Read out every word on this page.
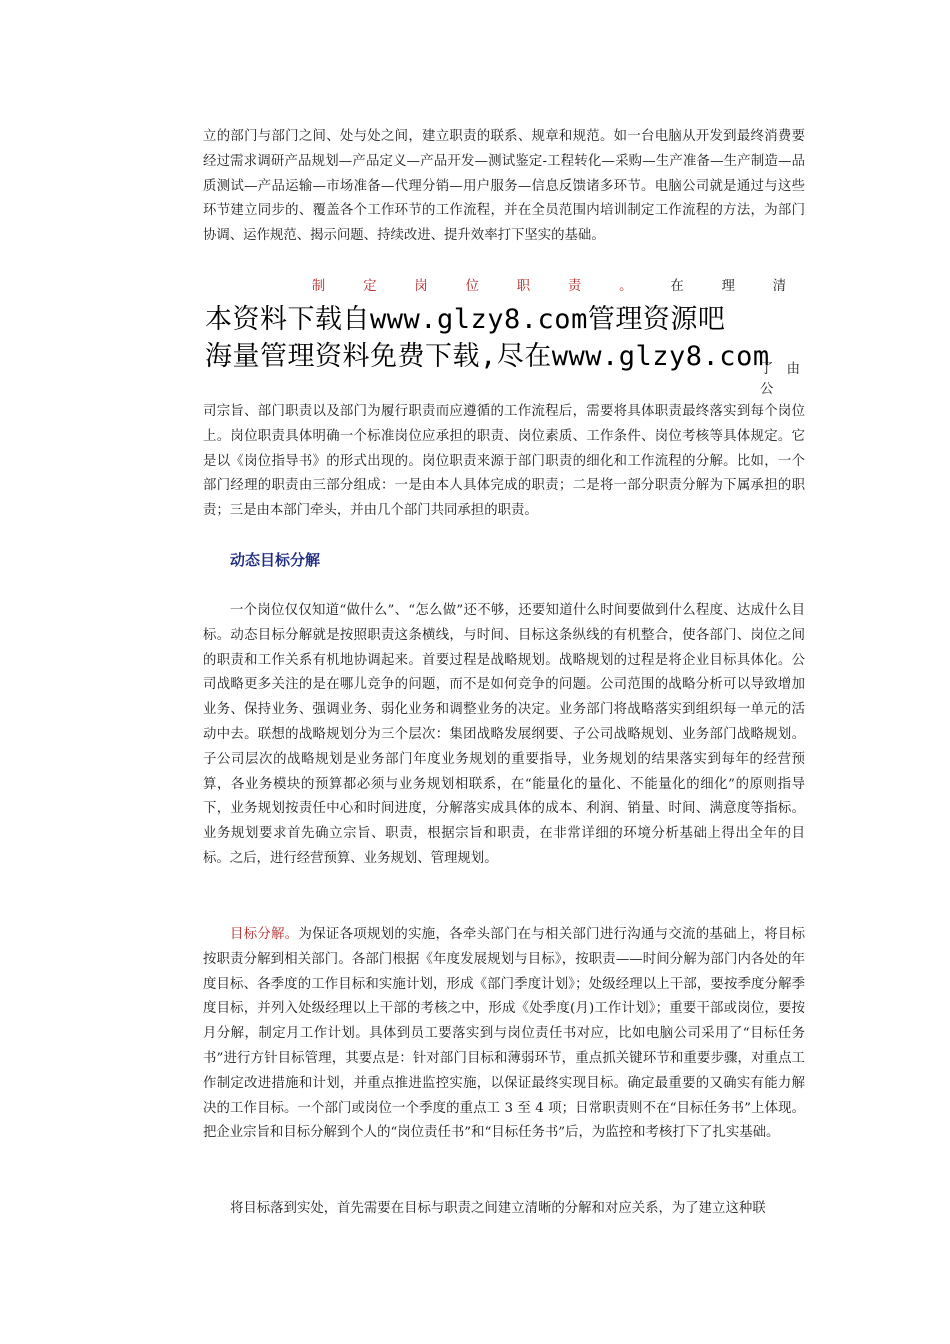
立的部门与部门之间、处与处之间，建立职责的联系、规章和规范。如一台电脑从开发到最终消费要经过需求调研产品规划—产品定义—产品开发—测试鉴定-工程转化—采购—生产准备—生产制造—品质测试—产品运输—市场准备—代理分销—用户服务—信息反馈诸多环节。电脑公司就是通过与这些环节建立同步的、覆盖各个工作环节的工作流程，并在全员范围内培训制定工作流程的方法，为部门协调、运作规范、揭示问题、持续改进、提升效率打下坚实的基础。

制	定	岗	位	职	责	。	在	理	清
本资料下载自www.glzy8.com管理资源吧
海量管理资料免费下载,尽在www.glzy8.com
了由公

司宗旨、部门职责以及部门为履行职责而应遵循的工作流程后，需要将具体职责最终落实到每个岗位上。岗位职责具体明确一个标准岗位应承担的职责、岗位素质、工作条件、岗位考核等具体规定。它是以《岗位指导书》的形式出现的。岗位职责来源于部门职责的细化和工作流程的分解。比如，一个部门经理的职责由三部分组成：一是由本人具体完成的职责；二是将一部分职责分解为下属承担的职责；三是由本部门牵头，并由几个部门共同承担的职责。

动态目标分解

一个岗位仅仅知道“做什么”、“怎么做”还不够，还要知道什么时间要做到什么程度、达成什么目标。动态目标分解就是按照职责这条横线，与时间、目标这条纵线的有机整合，使各部门、岗位之间的职责和工作关系有机地协调起来。首要过程是战略规划。战略规划的过程是将企业目标具体化。公司战略更多关注的是在哪儿竞争的问题，而不是如何竞争的问题。公司范围的战略分析可以导致增加业务、保持业务、强调业务、弱化业务和调整业务的决定。业务部门将战略落实到组织每一单元的活动中去。联想的战略规划分为三个层次：集团战略发展纲要、子公司战略规划、业务部门战略规划。子公司层次的战略规划是业务部门年度业务规划的重要指导，业务规划的结果落实到每年的经营预算，各业务模块的预算都必须与业务规划相联系，在“能量化的量化、不能量化的细化”的原则指导下，业务规划按责任中心和时间进度，分解落实成具体的成本、利润、销量、时间、满意度等指标。业务规划要求首先确立宗旨、职责，根据宗旨和职责，在非常详细的环境分析基础上得出全年的目标。之后，进行经营预算、业务规划、管理规划。

目标分解。为保证各项规划的实施，各牵头部门在与相关部门进行沟通与交流的基础上，将目标按职责分解到相关部门。各部门根据《年度发展规划与目标》，按职责——时间分解为部门内各处的年度目标、各季度的工作目标和实施计划，形成《部门季度计划》；处级经理以上干部，要按季度分解季度目标，并列入处级经理以上干部的考核之中，形成《处季度(月)工作计划》；重要干部或岗位，要按月分解，制定月工作计划。具体到员工要落实到与岗位责任书对应，比如电脑公司采用了“目标任务书”进行方针目标管理，其要点是：针对部门目标和薄弱环节，重点抓关键环节和重要步骤，对重点工作制定改进措施和计划，并重点推进监控实施，以保证最终实现目标。确定最重要的又确实有能力解决的工作目标。一个部门或岗位一个季度的重点工 3 至 4 项；日常职责则不在“目标任务书”上体现。把企业宗旨和目标分解到个人的“岗位责任书”和“目标任务书”后，为监控和考核打下了扎实基础。

将目标落到实处，首先需要在目标与职责之间建立清晰的分解和对应关系，为了建立这种联
